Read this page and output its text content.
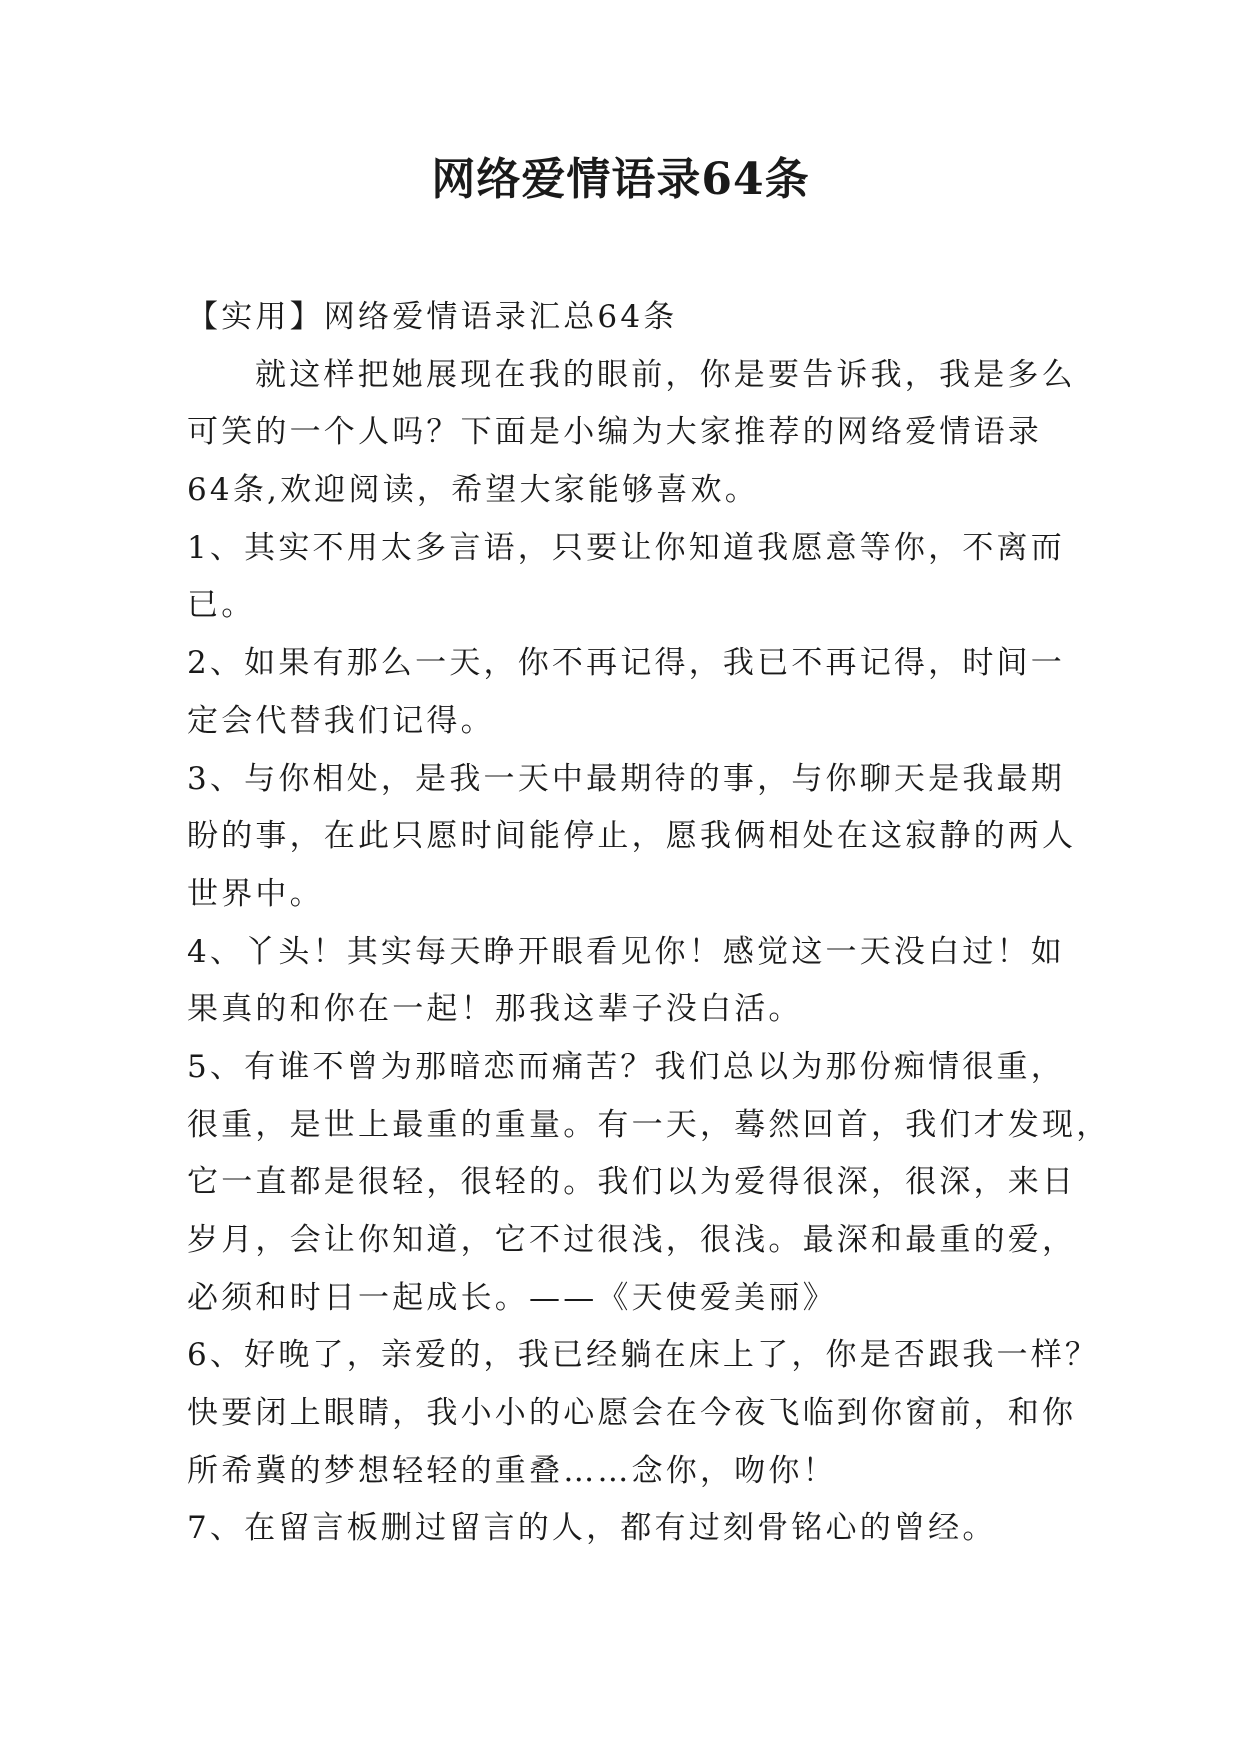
网络爱情语录64条
【实用】网络爱情语录汇总64条
就这样把她展现在我的眼前，你是要告诉我，我是多么
可笑的一个人吗？下面是小编为大家推荐的网络爱情语录
64条,欢迎阅读，希望大家能够喜欢。
1、其实不用太多言语，只要让你知道我愿意等你，不离而
已。
2、如果有那么一天，你不再记得，我已不再记得，时间一
定会代替我们记得。
3、与你相处，是我一天中最期待的事，与你聊天是我最期
盼的事，在此只愿时间能停止，愿我俩相处在这寂静的两人
世界中。
4、丫头！其实每天睁开眼看见你！感觉这一天没白过！如
果真的和你在一起！那我这辈子没白活。
5、有谁不曾为那暗恋而痛苦？我们总以为那份痴情很重，
很重，是世上最重的重量。有一天，蓦然回首，我们才发现，
它一直都是很轻，很轻的。我们以为爱得很深，很深，来日
岁月，会让你知道，它不过很浅，很浅。最深和最重的爱，
必须和时日一起成长。——《天使爱美丽》
6、好晚了，亲爱的，我已经躺在床上了，你是否跟我一样？
快要闭上眼睛，我小小的心愿会在今夜飞临到你窗前，和你
所希冀的梦想轻轻的重叠……念你，吻你！
7、在留言板删过留言的人，都有过刻骨铭心的曾经。
